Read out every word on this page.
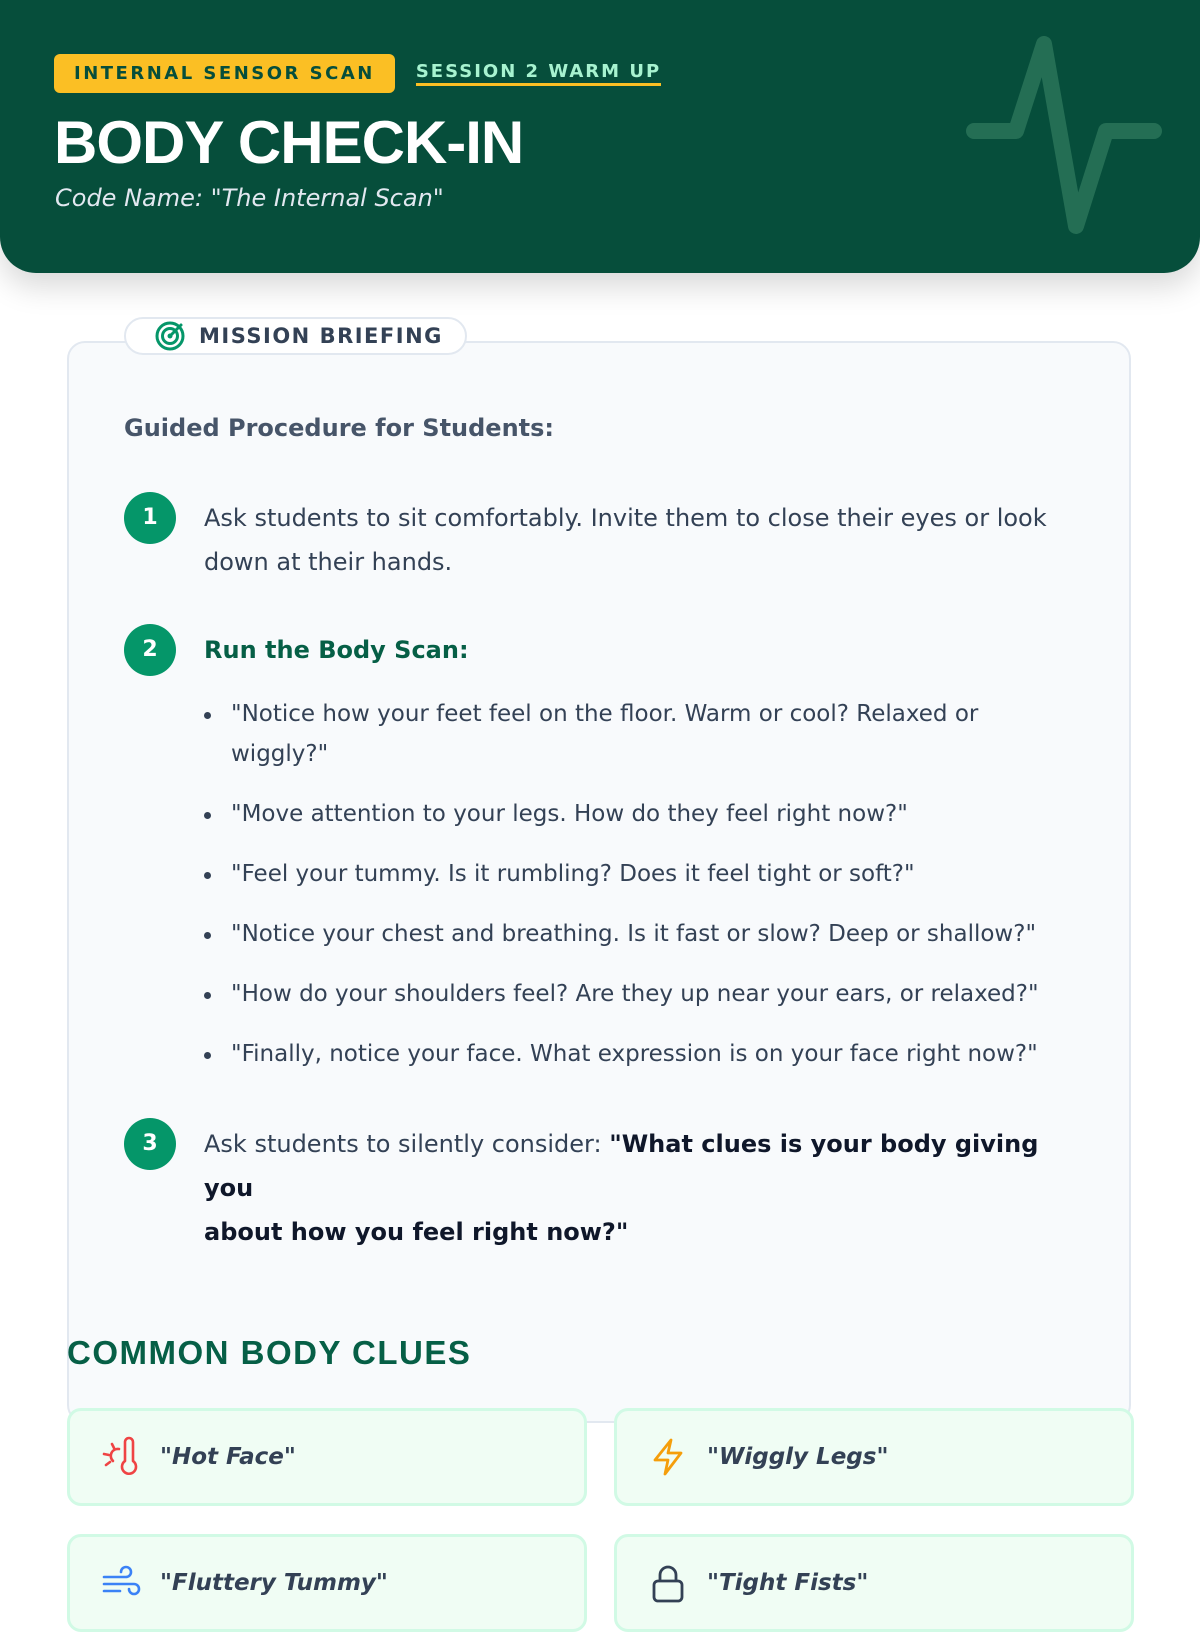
INTERNAL SENSOR SCAN	SESSION 2 WARM UP
BODY CHECK-IN
Code Name: "The Internal Scan"
MISSION BRIEFING
Guided Procedure for Students:
1	Ask students to sit comfortably. Invite them to close their eyes or look
down at their hands.
2	Run the Body Scan:
"Notice how your feet feel on the floor. Warm or cool? Relaxed or wiggly?"
"Move attention to your legs. How do they feel right now?"
"Feel your tummy. Is it rumbling? Does it feel tight or soft?"
"Notice your chest and breathing. Is it fast or slow? Deep or shallow?"
"How do your shoulders feel? Are they up near your ears, or relaxed?"
"Finally, notice your face. What expression is on your face right now?"
3	Ask students to silently consider: "What clues is your body giving you
about how you feel right now?"
COMMON BODY CLUES
"Hot Face"	"Wiggly Legs"
"Fluttery Tummy"	"Tight Fists"
